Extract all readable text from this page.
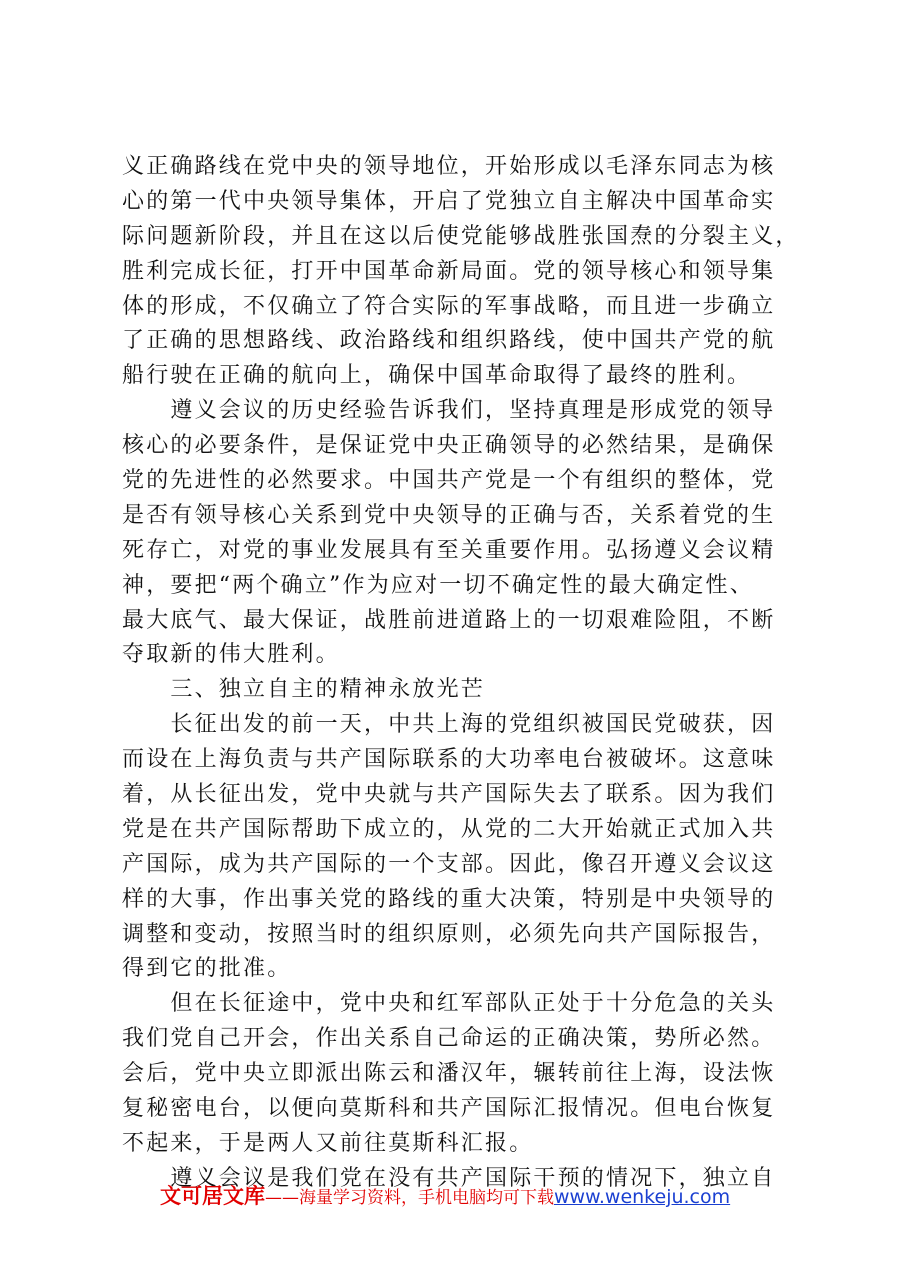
义正确路线在党中央的领导地位，开始形成以毛泽东同志为核
心的第一代中央领导集体，开启了党独立自主解决中国革命实
际问题新阶段，并且在这以后使党能够战胜张国焘的分裂主义，
胜利完成长征，打开中国革命新局面。党的领导核心和领导集
体的形成，不仅确立了符合实际的军事战略，而且进一步确立
了正确的思想路线、政治路线和组织路线，使中国共产党的航
船行驶在正确的航向上，确保中国革命取得了最终的胜利。
　　遵义会议的历史经验告诉我们，坚持真理是形成党的领导
核心的必要条件，是保证党中央正确领导的必然结果，是确保
党的先进性的必然要求。中国共产党是一个有组织的整体，党
是否有领导核心关系到党中央领导的正确与否，关系着党的生
死存亡，对党的事业发展具有至关重要作用。弘扬遵义会议精
神，要把“两个确立”作为应对一切不确定性的最大确定性、
最大底气、最大保证，战胜前进道路上的一切艰难险阻，不断
夺取新的伟大胜利。
　　三、独立自主的精神永放光芒
　　长征出发的前一天，中共上海的党组织被国民党破获，因
而设在上海负责与共产国际联系的大功率电台被破坏。这意味
着，从长征出发，党中央就与共产国际失去了联系。因为我们
党是在共产国际帮助下成立的，从党的二大开始就正式加入共
产国际，成为共产国际的一个支部。因此，像召开遵义会议这
样的大事，作出事关党的路线的重大决策，特别是中央领导的
调整和变动，按照当时的组织原则，必须先向共产国际报告，
得到它的批准。
　　但在长征途中，党中央和红军部队正处于十分危急的关头
我们党自己开会，作出关系自己命运的正确决策，势所必然。
会后，党中央立即派出陈云和潘汉年，辗转前往上海，设法恢
复秘密电台，以便向莫斯科和共产国际汇报情况。但电台恢复
不起来，于是两人又前往莫斯科汇报。
　　遵义会议是我们党在没有共产国际干预的情况下，独立自
文可居文库——海量学习资料，手机电脑均可下载www.wenkeju.com
